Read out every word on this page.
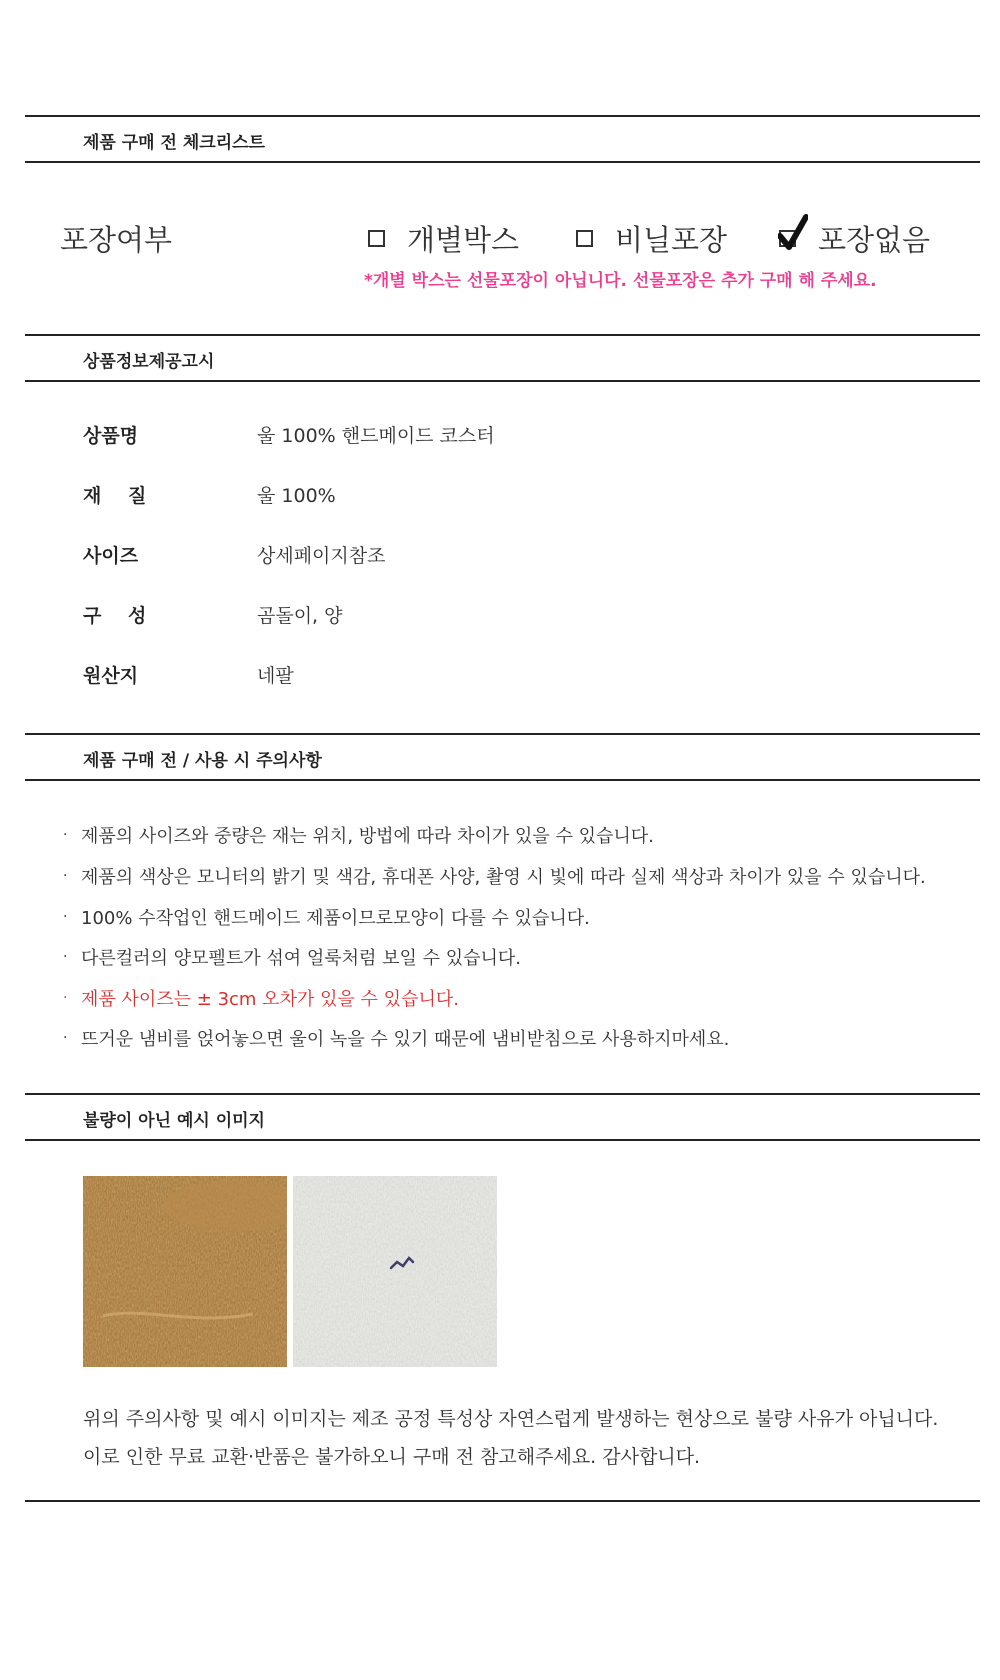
제품 구매 전 체크리스트
포장여부	개별박스	비닐포장	포장없음
*개별 박스는 선물포장이 아닙니다. 선물포장은 추가 구매 해 주세요.
상품정보제공고시
상품명	울 100% 핸드메이드 코스터
재 질	울 100%
사이즈	상세페이지참조
구 성	곰돌이, 양
원산지	네팔
제품 구매 전 / 사용 시 주의사항
· 제품의 사이즈와 중량은 재는 위치, 방법에 따라 차이가 있을 수 있습니다.
· 제품의 색상은 모니터의 밝기 및 색감, 휴대폰 사양, 촬영 시 빛에 따라 실제 색상과 차이가 있을 수 있습니다.
· 100% 수작업인 핸드메이드 제품이므로모양이 다를 수 있습니다.
· 다른컬러의 양모펠트가 섞여 얼룩처럼 보일 수 있습니다.
· 제품 사이즈는 ± 3cm 오차가 있을 수 있습니다.
· 뜨거운 냄비를 얹어놓으면 울이 녹을 수 있기 때문에 냄비받침으로 사용하지마세요.
불량이 아닌 예시 이미지
위의 주의사항 및 예시 이미지는 제조 공정 특성상 자연스럽게 발생하는 현상으로 불량 사유가 아닙니다.
이로 인한 무료 교환·반품은 불가하오니 구매 전 참고해주세요. 감사합니다.
